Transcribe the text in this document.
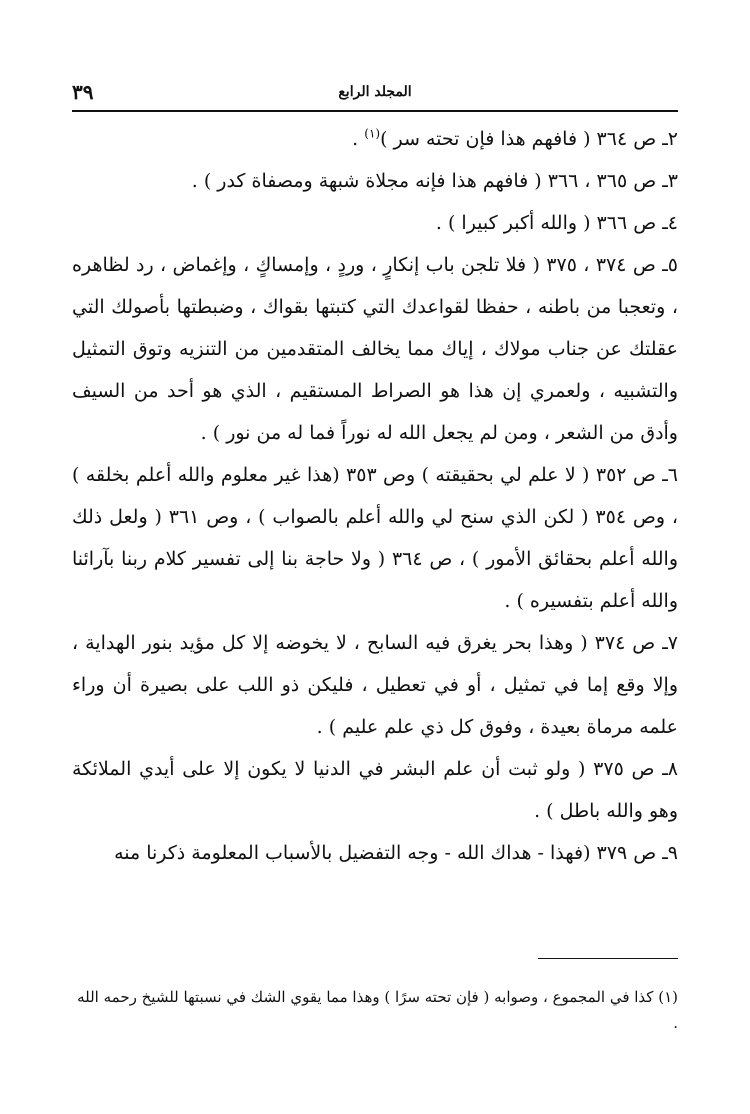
المجلد الرابع
٣٩

٢ـ ص ٣٦٤ ( فافهم هذا فإن تحته سر )$^{(١)}$ .

٣ـ ص ٣٦٥ ، ٣٦٦ ( فافهم هذا فإنه مجلاة شبهة ومصفاة كدر ) .

٤ـ ص ٣٦٦ ( والله أكبر كبيرا ) .

٥ـ ص ٣٧٤ ، ٣٧٥ ( فلا تلجن باب إنكارٍ ، وردٍ ، وإمساكٍ ، وإغماض ، رد لظاهره ، وتعجبا من باطنه ، حفظا لقواعدك التي كتبتها بقواك ، وضبطتها بأصولك التي عقلتك عن جناب مولاك ، إياك مما يخالف المتقدمين من التنزيه وتوق التمثيل والتشبيه ، ولعمري إن هذا هو الصراط المستقيم ، الذي هو أحد من السيف وأدق من الشعر ، ومن لم يجعل الله له نوراً فما له من نور ) .

٦ـ ص ٣٥٢ ( لا علم لي بحقيقته ) وص ٣٥٣ (هذا غير معلوم والله أعلم بخلقه ) ، وص ٣٥٤ ( لكن الذي سنح لي والله أعلم بالصواب ) ، وص ٣٦١ ( ولعل ذلك والله أعلم بحقائق الأمور ) ، ص ٣٦٤ ( ولا حاجة بنا إلى تفسير كلام ربنا بآرائنا والله أعلم بتفسيره ) .

٧ـ ص ٣٧٤ ( وهذا بحر يغرق فيه السابح ، لا يخوضه إلا كل مؤيد بنور الهداية ، وإلا وقع إما في تمثيل ، أو في تعطيل ، فليكن ذو اللب على بصيرة أن وراء علمه مرماة بعيدة ، وفوق كل ذي علم عليم ) .

٨ـ ص ٣٧٥ ( ولو ثبت أن علم البشر في الدنيا لا يكون إلا على أيدي الملائكة وهو والله باطل ) .

٩ـ ص ٣٧٩ (فهذا - هداك الله - وجه التفضيل بالأسباب المعلومة ذكرنا منه

(١) كذا في المجموع ، وصوابه ( فإن تحته سرًا ) وهذا مما يقوي الشك في نسبتها للشيخ رحمه الله .
